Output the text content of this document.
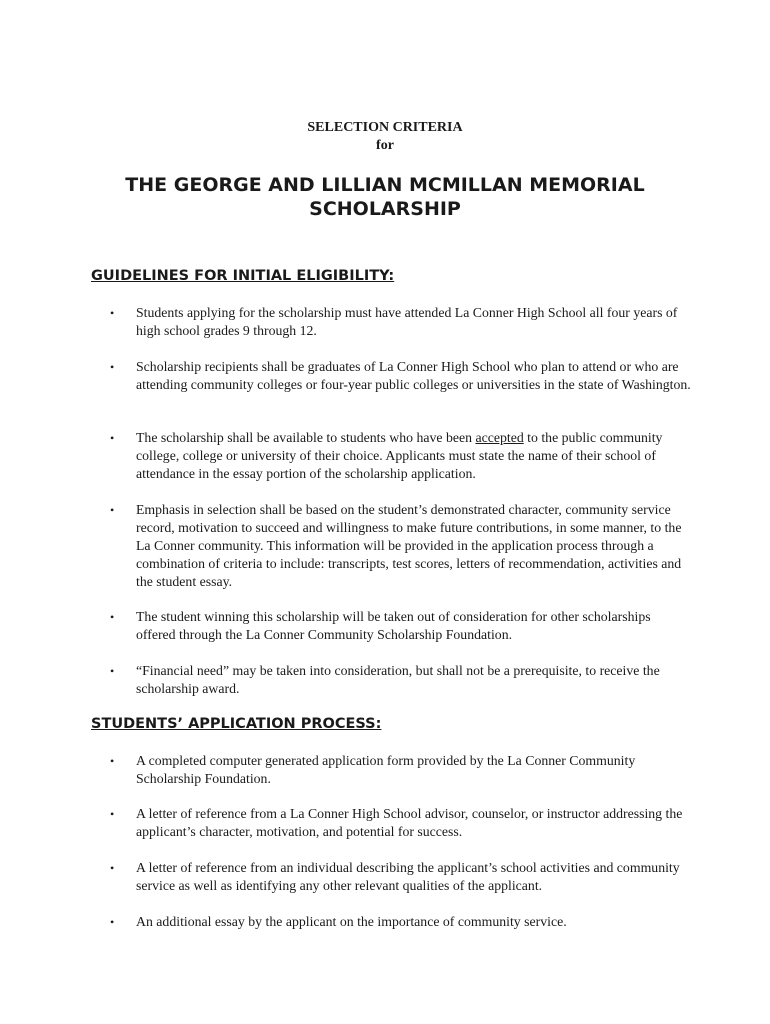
SELECTION CRITERIA
for
THE GEORGE AND LILLIAN MCMILLAN MEMORIAL SCHOLARSHIP
GUIDELINES FOR INITIAL ELIGIBILITY:
•	Students applying for the scholarship must have attended La Conner High School all four years of high school grades 9 through 12.
•	Scholarship recipients shall be graduates of La Conner High School who plan to attend or who are attending community colleges or four-year public colleges or universities in the state of Washington.
•	The scholarship shall be available to students who have been accepted to the public community college, college or university of their choice. Applicants must state the name of their school of attendance in the essay portion of the scholarship application.
•	Emphasis in selection shall be based on the student’s demonstrated character, community service record, motivation to succeed and willingness to make future contributions, in some manner, to the La Conner community. This information will be provided in the application process through a combination of criteria to include: transcripts, test scores, letters of recommendation, activities and the student essay.
•	The student winning this scholarship will be taken out of consideration for other scholarships offered through the La Conner Community Scholarship Foundation.
•	“Financial need” may be taken into consideration, but shall not be a prerequisite, to receive the scholarship award.
STUDENTS’ APPLICATION PROCESS:
•	A completed computer generated application form provided by the La Conner Community Scholarship Foundation.
•	A letter of reference from a La Conner High School advisor, counselor, or instructor addressing the applicant’s character, motivation, and potential for success.
•	A letter of reference from an individual describing the applicant’s school activities and community service as well as identifying any other relevant qualities of the applicant.
•	An additional essay by the applicant on the importance of community service.
